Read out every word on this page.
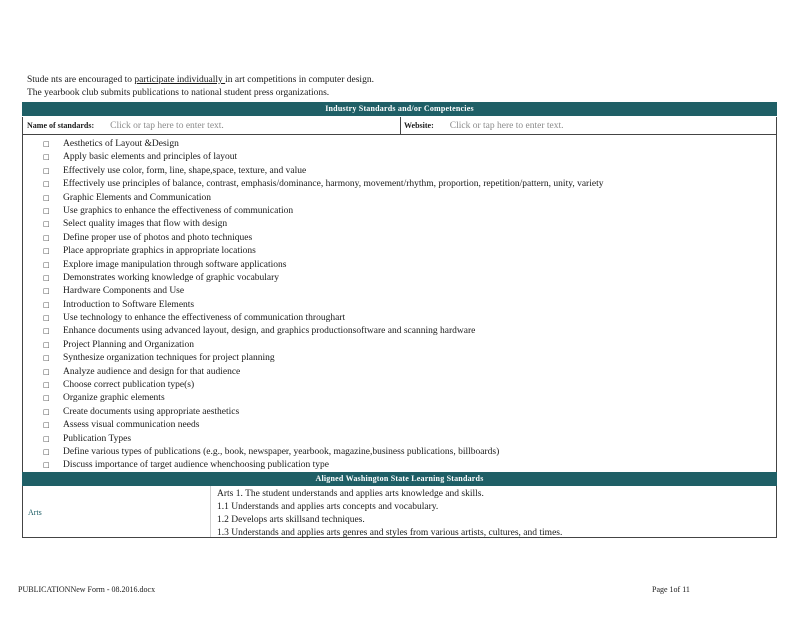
Stude nts are encouraged to participate individually in art competitions in computer design.
The yearbook club submits publications to national student press organizations.
Industry Standards and/or Competencies
Name of standards: Click or tap here to enter text.	Website: Click or tap here to enter text.
□ Aesthetics of Layout &Design
□ Apply basic elements and principles of layout
□ Effectively use color, form, line, shape,space, texture, and value
□ Effectively use principles of balance, contrast, emphasis/dominance, harmony, movement/rhythm, proportion, repetition/pattern, unity, variety
□ Graphic Elements and Communication
□ Use graphics to enhance the effectiveness of communication
□ Select quality images that flow with design
□ Define proper use of photos and photo techniques
□ Place appropriate graphics in appropriate locations
□ Explore image manipulation through software applications
□ Demonstrates working knowledge of graphic vocabulary
□ Hardware Components and Use
□ Introduction to Software Elements
□ Use technology to enhance the effectiveness of communication throughart
□ Enhance documents using advanced layout, design, and graphics productionsoftware and scanning hardware
□ Project Planning and Organization
□ Synthesize organization techniques for project planning
□ Analyze audience and design for that audience
□ Choose correct publication type(s)
□ Organize graphic elements
□ Create documents using appropriate aesthetics
□ Assess visual communication needs
□ Publication Types
□ Define various types of publications (e.g., book, newspaper, yearbook, magazine,business publications, billboards)
□ Discuss importance of target audience whenchoosing publication type
Aligned Washington State Learning Standards
Arts
Arts 1. The student understands and applies arts knowledge and skills.
1.1 Understands and applies arts concepts and vocabulary.
1.2 Develops arts skillsand techniques.
1.3 Understands and applies arts genres and styles from various artists, cultures, and times.
PUBLICATIONNew Form - 08.2016.docx	Page 1of 11
